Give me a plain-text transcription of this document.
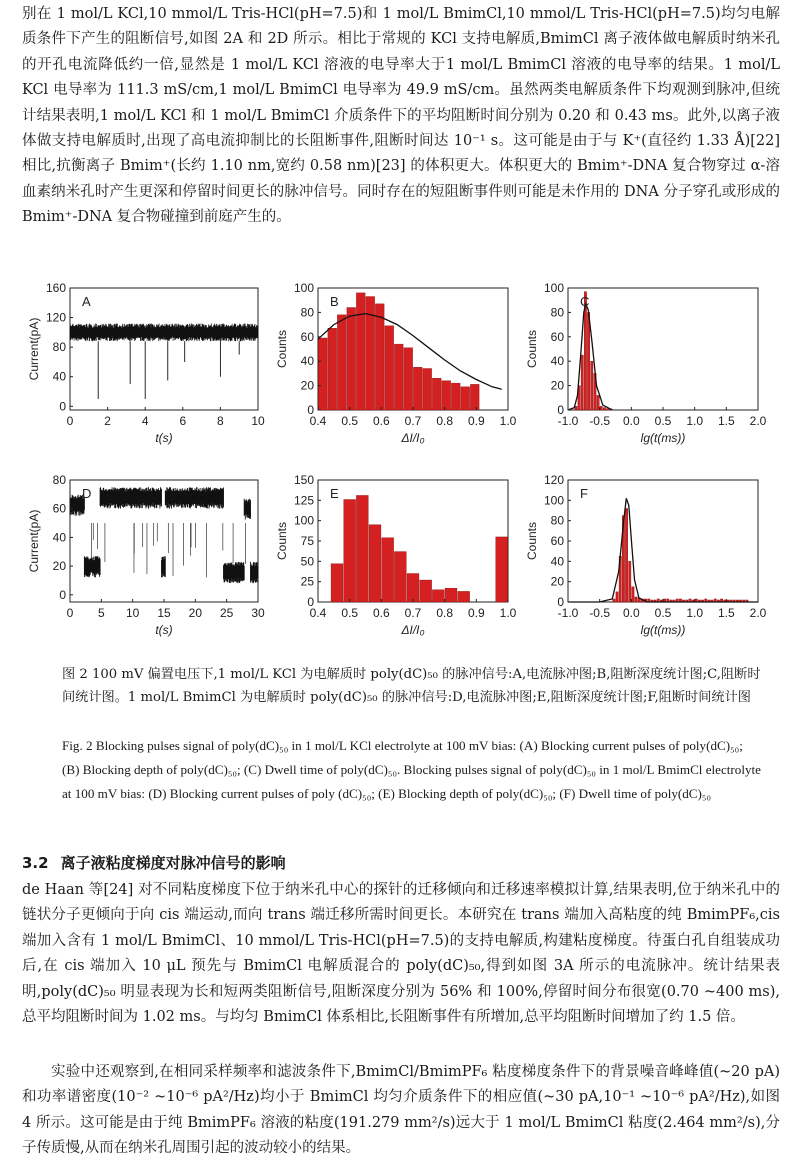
别在 1 mol/L KCl,10 mmol/L Tris-HCl(pH=7.5)和 1 mol/L BmimCl,10 mmol/L Tris-HCl(pH=7.5)均匀电解质条件下产生的阻断信号,如图 2A 和 2D 所示。相比于常规的 KCl 支持电解质,BmimCl 离子液体做电解质时纳米孔的开孔电流降低约一倍,显然是 1 mol/L KCl 溶液的电导率大于1 mol/L BmimCl 溶液的电导率的结果。1 mol/L KCl 电导率为 111.3 mS/cm,1 mol/L BmimCl 电导率为 49.9 mS/cm。虽然两类电解质条件下均观测到脉冲,但统计结果表明,1 mol/L KCl 和 1 mol/L BmimCl 介质条件下的平均阻断时间分别为 0.20 和 0.43 ms。此外,以离子液体做支持电解质时,出现了高电流抑制比的长阻断事件,阻断时间达 10⁻¹ s。这可能是由于与 K⁺(直径约 1.33 Å)[22] 相比,抗衡离子 Bmim⁺(长约 1.10 nm,宽约 0.58 nm)[23] 的体积更大。体积更大的 Bmim⁺-DNA 复合物穿过 α-溶血素纳米孔时产生更深和停留时间更长的脉冲信号。同时存在的短阻断事件则可能是未作用的 DNA 分子穿孔或形成的 Bmim⁺-DNA 复合物碰撞到前庭产生的。

0	2	4	6	8 10
0
40
80
120
160
A
t(s)
Current(pA)
0.4 0.5 0.6 0.7 0.8 0.9 1.0
0
20
40
60
80
100
B
ΔI/I₀
Counts
-1.0 -0.5 0.0 0.5 1.0 1.5 2.0
0
20
40
60
80
100
C
lg(t(ms))
Counts
0 5 10 15 20 25 30
0
20
40
60
80
D
t(s)
Current(pA)
0.4 0.5 0.6 0.7 0.8 0.9 1.0
0
25
50
75
100
125
150
E
ΔI/I₀
Counts
-1.0 -0.5 0.0 0.5 1.0 1.5 2.0
0
20
40
60
80
100
120
F
lg(t(ms))
Counts

图 2 100 mV 偏置电压下,1 mol/L KCl 为电解质时 poly(dC)₅₀ 的脉冲信号:A,电流脉冲图;B,阻断深度统计图;C,阻断时间统计图。1 mol/L BmimCl 为电解质时 poly(dC)₅₀ 的脉冲信号:D,电流脉冲图;E,阻断深度统计图;F,阻断时间统计图

Fig. 2 Blocking pulses signal of poly(dC)₅₀ in 1 mol/L KCl electrolyte at 100 mV bias: (A) Blocking current pulses of poly(dC)₅₀; (B) Blocking depth of poly(dC)₅₀; (C) Dwell time of poly(dC)₅₀. Blocking pulses signal of poly(dC)₅₀ in 1 mol/L BmimCl electrolyte at 100 mV bias: (D) Blocking current pulses of poly (dC)₅₀; (E) Blocking depth of poly(dC)₅₀; (F) Dwell time of poly(dC)₅₀

3.2 离子液粘度梯度对脉冲信号的影响

de Haan 等[24] 对不同粘度梯度下位于纳米孔中心的探针的迁移倾向和迁移速率模拟计算,结果表明,位于纳米孔中的链状分子更倾向于向 cis 端运动,而向 trans 端迁移所需时间更长。本研究在 trans 端加入高粘度的纯 BmimPF₆,cis 端加入含有 1 mol/L BmimCl、10 mmol/L Tris-HCl(pH=7.5)的支持电解质,构建粘度梯度。待蛋白孔自组装成功后,在 cis 端加入 10 μL 预先与 BmimCl 电解质混合的 poly(dC)₅₀,得到如图 3A 所示的电流脉冲。统计结果表明,poly(dC)₅₀ 明显表现为长和短两类阻断信号,阻断深度分别为 56% 和 100%,停留时间分布很宽(0.70 ~400 ms),总平均阻断时间为 1.02 ms。与均匀 BmimCl 体系相比,长阻断事件有所增加,总平均阻断时间增加了约 1.5 倍。

实验中还观察到,在相同采样频率和滤波条件下,BmimCl/BmimPF₆ 粘度梯度条件下的背景噪音峰峰值(~20 pA)和功率谱密度(10⁻² ~10⁻⁶ pA²/Hz)均小于 BmimCl 均匀介质条件下的相应值(~30 pA,10⁻¹ ~10⁻⁶ pA²/Hz),如图 4 所示。这可能是由于纯 BmimPF₆ 溶液的粘度(191.279 mm²/s)远大于 1 mol/L BmimCl 粘度(2.464 mm²/s),分子传质慢,从而在纳米孔周围引起的波动较小的结果。
